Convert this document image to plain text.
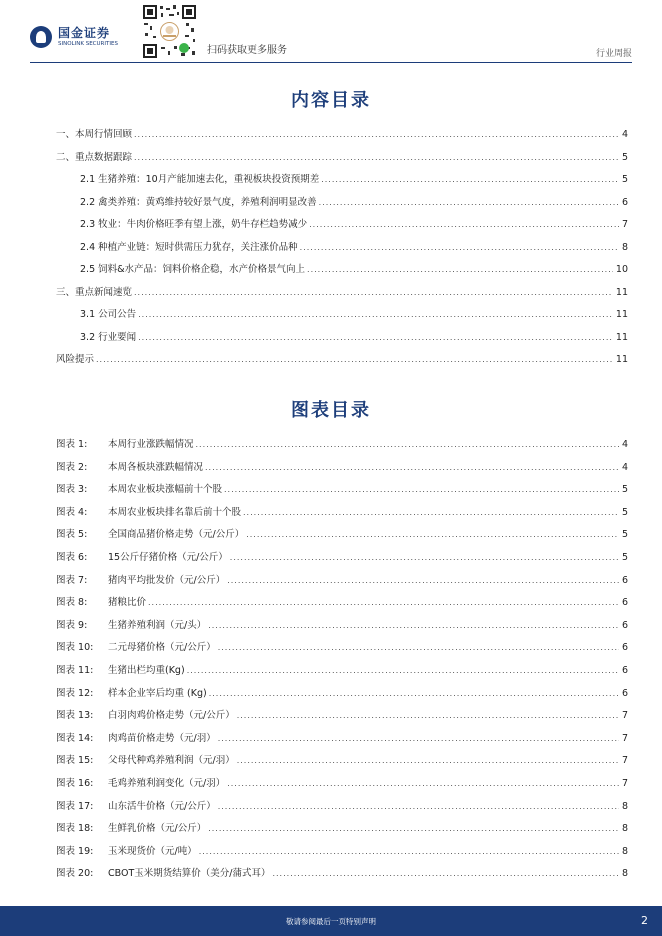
国金证券
SINOLINK SECURITIES
扫码获取更多服务	行业周报
内容目录
一、本周行情回顾 .....	4
二、重点数据跟踪 .....	5
2.1 生猪养殖：10月产能加速去化，重视板块投资预期差 .....	5
2.2 禽类养殖：黄鸡维持较好景气度，养殖利润明显改善 .....	6
2.3 牧业：牛肉价格旺季有望上涨，奶牛存栏趋势减少 .....	7
2.4 种植产业链：短时供需压力犹存，关注涨价品种 .....	8
2.5 饲料&水产品：饲料价格企稳，水产价格景气向上 .....	10
三、重点新闻速览 .....	11
3.1 公司公告 .....	11
3.2 行业要闻 .....	11
风险提示 .....	11
图表目录
图表 1: 本周行业涨跌幅情况 .....	4
图表 2: 本周各板块涨跌幅情况 .....	4
图表 3: 本周农业板块涨幅前十个股 .....	5
图表 4: 本周农业板块排名靠后前十个股 .....	5
图表 5: 全国商品猪价格走势（元/公斤） .....	5
图表 6: 15公斤仔猪价格（元/公斤） .....	5
图表 7: 猪肉平均批发价（元/公斤） .....	6
图表 8: 猪粮比价 .....	6
图表 9: 生猪养殖利润（元/头） .....	6
图表 10: 二元母猪价格（元/公斤） .....	6
图表 11: 生猪出栏均重(Kg) .....	6
图表 12: 样本企业宰后均重 (Kg) .....	6
图表 13: 白羽肉鸡价格走势（元/公斤） .....	7
图表 14: 肉鸡苗价格走势（元/羽） .....	7
图表 15: 父母代种鸡养殖利润（元/羽） .....	7
图表 16: 毛鸡养殖利润变化（元/羽） .....	7
图表 17: 山东活牛价格（元/公斤） .....	8
图表 18: 生鲜乳价格（元/公斤） .....	8
图表 19: 玉米现货价（元/吨） .....	8
图表 20: CBOT玉米期货结算价（美分/蒲式耳） .....	8
敬请参阅最后一页特别声明	2
